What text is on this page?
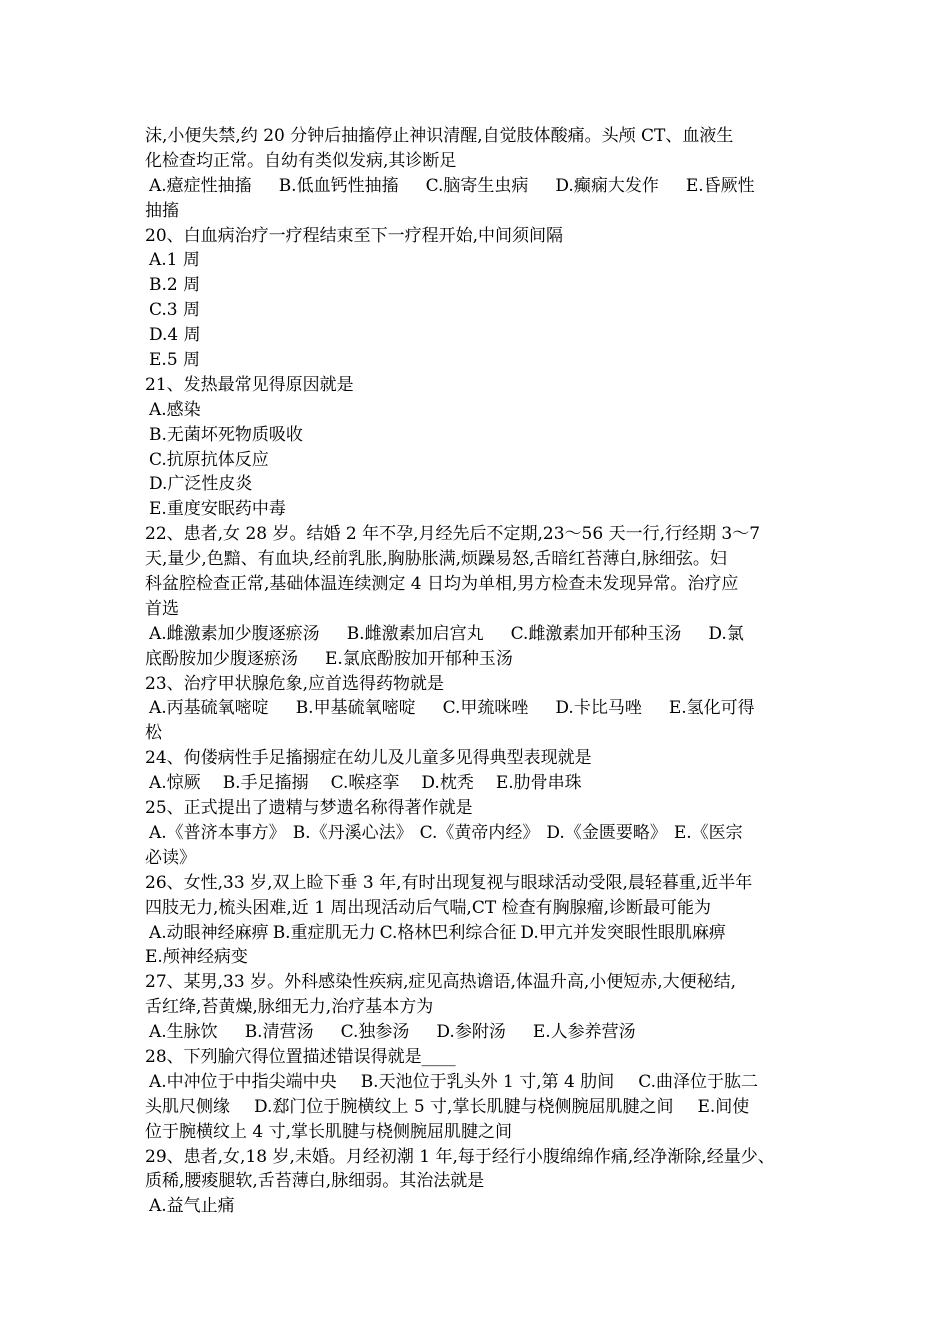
沫,小便失禁,约 20 分钟后抽搐停止神识清醒,自觉肢体酸痛。头颅 CT、血液生
化检查均正常。自幼有类似发病,其诊断足
A.癔症性抽搐 B.低血钙性抽搐 C.脑寄生虫病 D.癫痫大发作 E.昏厥性
抽搐
20、白血病治疗一疗程结束至下一疗程开始,中间须间隔
A.1 周
B.2 周
C.3 周
D.4 周
E.5 周
21、发热最常见得原因就是
A.感染
B.无菌坏死物质吸收
C.抗原抗体反应
D.广泛性皮炎
E.重度安眠药中毒
22、患者,女 28 岁。结婚 2 年不孕,月经先后不定期,23～56 天一行,行经期 3～7
天,量少,色黯、有血块,经前乳胀,胸胁胀满,烦躁易怒,舌暗红苔薄白,脉细弦。妇
科盆腔检查正常,基础体温连续测定 4 日均为单相,男方检查未发现异常。治疗应
首选
A.雌激素加少腹逐瘀汤 B.雌激素加启宫丸 C.雌激素加开郁种玉汤 D.氯
底酚胺加少腹逐瘀汤 E.氯底酚胺加开郁种玉汤
23、治疗甲状腺危象,应首选得药物就是
A.丙基硫氧嘧啶 B.甲基硫氧嘧啶 C.甲巯咪唑 D.卡比马唑 E.氢化可得
松
24、佝偻病性手足搐搦症在幼儿及儿童多见得典型表现就是
A.惊厥 B.手足搐搦 C.喉痉挛 D.枕秃 E.肋骨串珠
25、正式提出了遗精与梦遗名称得著作就是
A.《普济本事方》 B.《丹溪心法》 C.《黄帝内经》 D.《金匮要略》 E.《医宗
必读》
26、女性,33 岁,双上睑下垂 3 年,有时出现复视与眼球活动受限,晨轻暮重,近半年
四肢无力,梳头困难,近 1 周出现活动后气喘,CT 检查有胸腺瘤,诊断最可能为
A.动眼神经麻痹 B.重症肌无力 C.格林巴利综合征 D.甲亢并发突眼性眼肌麻痹
E.颅神经病变
27、某男,33 岁。外科感染性疾病,症见高热谵语,体温升高,小便短赤,大便秘结,
舌红绛,苔黄燥,脉细无力,治疗基本方为
A.生脉饮 B.清营汤 C.独参汤 D.参附汤 E.人参养营汤
28、下列腧穴得位置描述错误得就是____
A.中冲位于中指尖端中央 B.天池位于乳头外 1 寸,第 4 肋间 C.曲泽位于肱二
头肌尺侧缘 D.郄门位于腕横纹上 5 寸,掌长肌腱与桡侧腕屈肌腱之间 E.间使
位于腕横纹上 4 寸,掌长肌腱与桡侧腕屈肌腱之间
29、患者,女,18 岁,未婚。月经初潮 1 年,每于经行小腹绵绵作痛,经净渐除,经量少、
质稀,腰痠腿软,舌苔薄白,脉细弱。其治法就是
A.益气止痛
